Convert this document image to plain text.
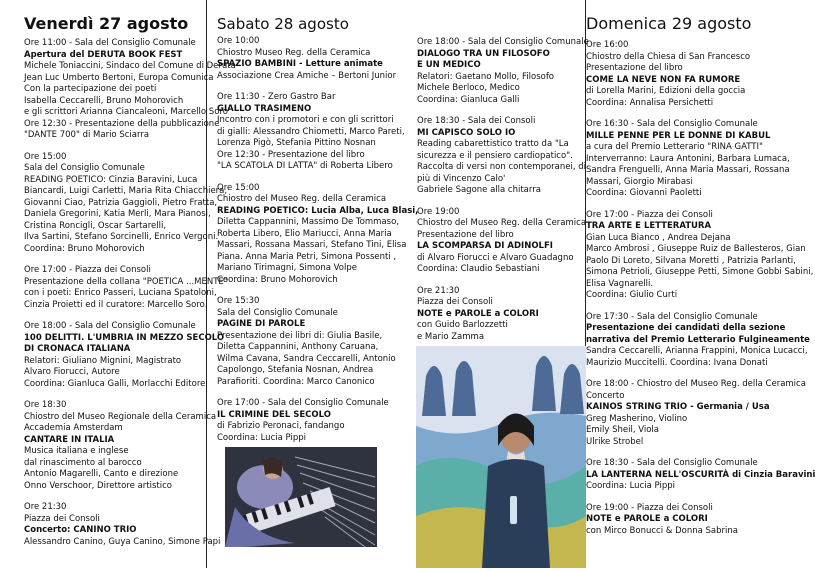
Venerdì 27 agosto
Ore 11:00 - Sala del Consiglio Comunale
Apertura del DERUTA BOOK FEST
Michele Toniaccini, Sindaco del Comune di Deruta
Jean Luc Umberto Bertoni, Europa Comunica
Con la partecipazione dei poeti
Isabella Ceccarelli, Bruno Mohorovich
e gli scrittori Arianna Ciancaleoni, Marcello Soro
Ore 12:30 - Presentazione della pubblicazione
"DANTE 700" di Mario Sciarra
Ore 15:00
Sala del Consiglio Comunale
READING POETICO: Cinzia Baravini, Luca
Biancardi, Luigi Carletti, Maria Rita Chiacchiera,
Giovanni Ciao, Patrizia Gaggioli, Pietro Fratta,
Daniela Gregorini, Katia Merli, Mara Pianosi,
Cristina Roncigli, Oscar Sartarelli,
Ilva Sartini, Stefano Sorcinelli, Enrico Vergoni.
Coordina: Bruno Mohorovich
Ore 17:00 - Piazza dei Consoli
Presentazione della collana "POETICA ...MENTE"
con i poeti: Enrico Passeri, Luciana Spatoloni,
Cinzia Proietti ed il curatore: Marcello Soro.
Ore 18:00 - Sala del Consiglio Comunale
100 DELITTI. L'UMBRIA IN MEZZO SECOLO
DI CRONACA ITALIANA
Relatori: Giuliano Mignini, Magistrato
Alvaro Fiorucci, Autore
Coordina: Gianluca Galli, Morlacchi Editore
Ore 18:30
Chiostro del Museo Regionale della Ceramica
Accademia Amsterdam
CANTARE IN ITALIA
Musica italiana e inglese
dal rinascimento al barocco
Antonio Magarelli, Canto e direzione
Onno Verschoor, Direttore artistico
Ore 21:30
Piazza dei Consoli
Concerto: CANINO TRIO
Alessandro Canino, Guya Canino, Simone Papi
Sabato 28 agosto
Ore 10:00
Chiostro Museo Reg. della Ceramica
SPAZIO BAMBINI - Letture animate
Associazione Crea Amiche – Bertoni Junior
Ore 11:30 - Zero Gastro Bar
GIALLO TRASIMENO
Incontro con i promotori e con gli scrittori
di gialli: Alessandro Chiometti, Marco Pareti,
Lorenza Pigò, Stefania Pittino Nosnan
Ore 12:30 - Presentazione del libro
"LA SCATOLA DI LATTA" di Roberta Libero
Ore 15:00
Chiostro del Museo Reg. della Ceramica
READING POETICO: Lucia Alba, Luca Blasi,
Diletta Cappannini, Massimo De Tommaso,
Roberta Libero, Elio Mariucci, Anna Maria
Massari, Rossana Massari, Stefano Tini, Elisa
Piana. Anna Maria Petri, Simona Possenti ,
Mariano Tirimagni, Simona Volpe
Coordina: Bruno Mohorovich
Ore 15:30
Sala del Consiglio Comunale
PAGINE DI PAROLE
Presentazione dei libri di: Giulia Basile,
Diletta Cappannini, Anthony Caruana,
Wilma Cavana, Sandra Ceccarelli, Antonio
Capolongo, Stefania Nosnan, Andrea
Parafioriti. Coordina: Marco Canonico
Ore 17:00 - Sala del Consiglio Comunale
IL CRIMINE DEL SECOLO
di Fabrizio Peronaci, fandango
Coordina: Lucia Pippi
Ore 18:00 - Sala del Consiglio Comunale
DIALOGO TRA UN FILOSOFO
E UN MEDICO
Relatori: Gaetano Mollo, Filosofo
Michele Berloco, Medico
Coordina: Gianluca Galli
Ore 18:30 - Sala dei Consoli
MI CAPISCO SOLO IO
Reading cabarettistico tratto da "La
sicurezza e il pensiero cardiopatico".
Raccolta di versi non contemporanei, di
più di Vincenzo Calo'
Gabriele Sagone alla chitarra
Ore 19:00
Chiostro del Museo Reg. della Ceramica
Presentazione del libro
LA SCOMPARSA DI ADINOLFI
di Alvaro Fiorucci e Alvaro Guadagno
Coordina: Claudio Sebastiani
Ore 21:30
Piazza dei Consoli
NOTE e PAROLE a COLORI
con Guido Barlozzetti
e Mario Zamma
Domenica 29 agosto
Ore 16:00
Chiostro della Chiesa di San Francesco
Presentazione del libro
COME LA NEVE NON FA RUMORE
di Lorella Marini, Edizioni della goccia
Coordina: Annalisa Persichetti
Ore 16:30 - Sala del Consiglio Comunale
MILLE PENNE PER LE DONNE DI KABUL
a cura del Premio Letterario "RINA GATTI"
Interverranno: Laura Antonini, Barbara Lumaca,
Sandra Frenguelli, Anna Maria Massari, Rossana
Massari, Giorgio Mirabasi
Coordina: Giovanni Paoletti
Ore 17:00 - Piazza dei Consoli
TRA ARTE E LETTERATURA
Gian Luca Bianco , Andrea Dejana
Marco Ambrosi , Giuseppe Ruiz de Ballesteros, Gian
Paolo Di Loreto, Silvana Moretti , Patrizia Parlanti,
Simona Petrioli, Giuseppe Petti, Simone Gobbi Sabini,
Elisa Vagnarelli.
Coordina: Giulio Curti
Ore 17:30 - Sala del Consiglio Comunale
Presentazione dei candidati della sezione
narrativa del Premio Letterario Fulgineamente
Sandra Ceccarelli, Arianna Frappini, Monica Lucacci,
Maurizio Muccitelli. Coordina: Ivana Donati
Ore 18:00 - Chiostro del Museo Reg. della Ceramica
Concerto
KAINOS STRING TRIO - Germania / Usa
Greg Masherino, Violino
Emily Sheil, Viola
Ulrike Strobel
Ore 18:30 - Sala del Consiglio Comunale
LA LANTERNA NELL'OSCURITÀ di Cinzia Baravini
Coordina: Lucia Pippi
Ore 19:00 - Piazza dei Consoli
NOTE e PAROLE a COLORI
con Mirco Bonucci & Donna Sabrina
